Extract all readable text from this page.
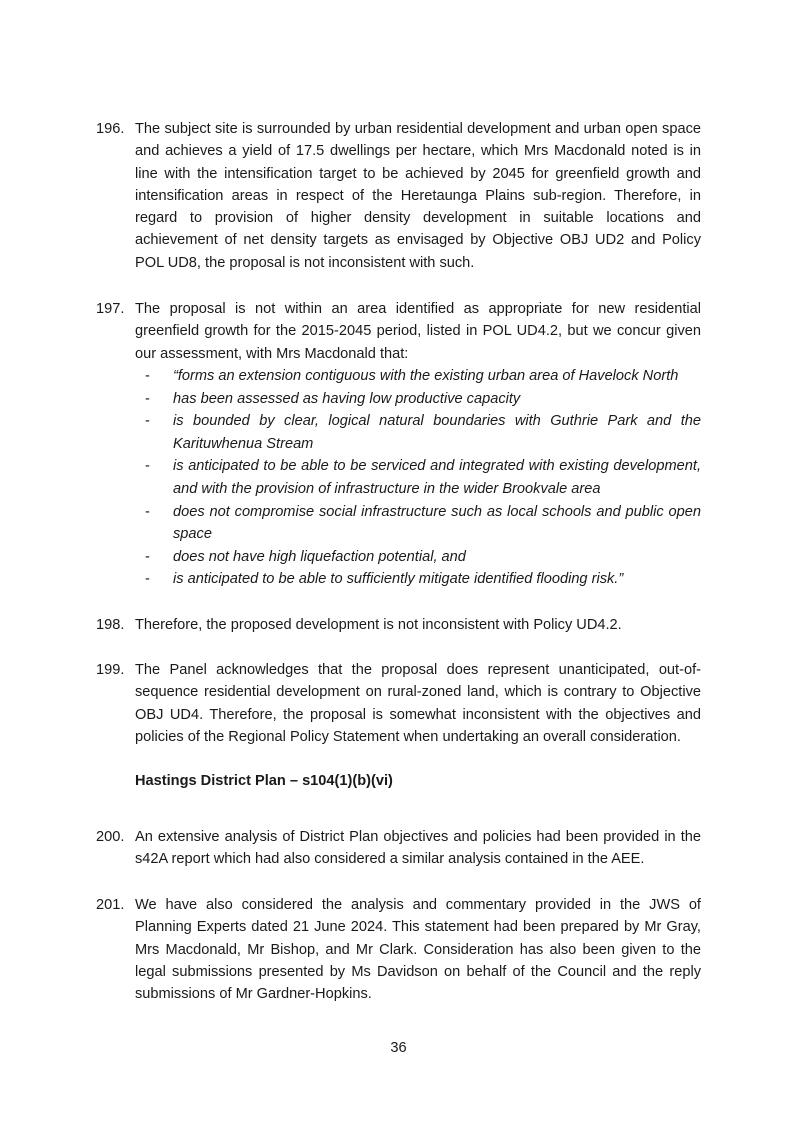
196. The subject site is surrounded by urban residential development and urban open space and achieves a yield of 17.5 dwellings per hectare, which Mrs Macdonald noted is in line with the intensification target to be achieved by 2045 for greenfield growth and intensification areas in respect of the Heretaunga Plains sub-region. Therefore, in regard to provision of higher density development in suitable locations and achievement of net density targets as envisaged by Objective OBJ UD2 and Policy POL UD8, the proposal is not inconsistent with such.
197. The proposal is not within an area identified as appropriate for new residential greenfield growth for the 2015-2045 period, listed in POL UD4.2, but we concur given our assessment, with Mrs Macdonald that:
- “forms an extension contiguous with the existing urban area of Havelock North
- has been assessed as having low productive capacity
- is bounded by clear, logical natural boundaries with Guthrie Park and the Karituwhenua Stream
- is anticipated to be able to be serviced and integrated with existing development, and with the provision of infrastructure in the wider Brookvale area
- does not compromise social infrastructure such as local schools and public open space
- does not have high liquefaction potential, and
- is anticipated to be able to sufficiently mitigate identified flooding risk.”
198. Therefore, the proposed development is not inconsistent with Policy UD4.2.
199. The Panel acknowledges that the proposal does represent unanticipated, out-of-sequence residential development on rural-zoned land, which is contrary to Objective OBJ UD4. Therefore, the proposal is somewhat inconsistent with the objectives and policies of the Regional Policy Statement when undertaking an overall consideration.
Hastings District Plan – s104(1)(b)(vi)
200. An extensive analysis of District Plan objectives and policies had been provided in the s42A report which had also considered a similar analysis contained in the AEE.
201. We have also considered the analysis and commentary provided in the JWS of Planning Experts dated 21 June 2024. This statement had been prepared by Mr Gray, Mrs Macdonald, Mr Bishop, and Mr Clark. Consideration has also been given to the legal submissions presented by Ms Davidson on behalf of the Council and the reply submissions of Mr Gardner-Hopkins.
36
